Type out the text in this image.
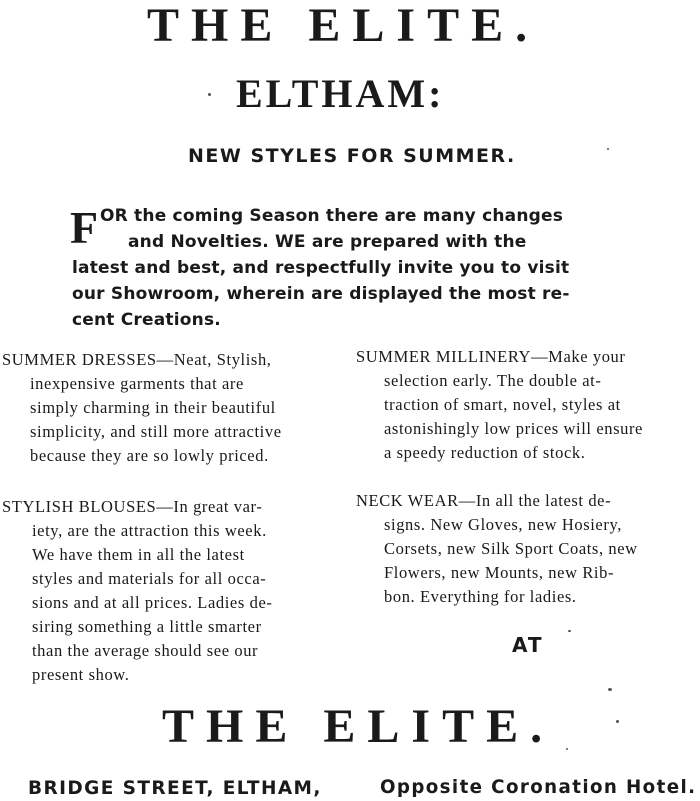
THE ELITE.
ELTHAM:
NEW STYLES FOR SUMMER.
F OR the coming Season there are many changes
and Novelties. WE are prepared with the
latest and best, and respectfully invite you to visit
our Showroom, wherein are displayed the most re-
cent Creations.
SUMMER DRESSES—Neat, Stylish,
inexpensive garments that are
simply charming in their beautiful
simplicity, and still more attractive
because they are so lowly priced.
SUMMER MILLINERY—Make your
selection early. The double at-
traction of smart, novel, styles at
astonishingly low prices will ensure
a speedy reduction of stock.
STYLISH BLOUSES—In great var-
iety, are the attraction this week.
We have them in all the latest
styles and materials for all occa-
sions and at all prices. Ladies de-
siring something a little smarter
than the average should see our
present show.
NECK WEAR—In all the latest de-
signs. New Gloves, new Hosiery,
Corsets, new Silk Sport Coats, new
Flowers, new Mounts, new Rib-
bon. Everything for ladies.
AT
THE ELITE.
BRIDGE STREET, ELTHAM,	Opposite Coronation Hotel.
